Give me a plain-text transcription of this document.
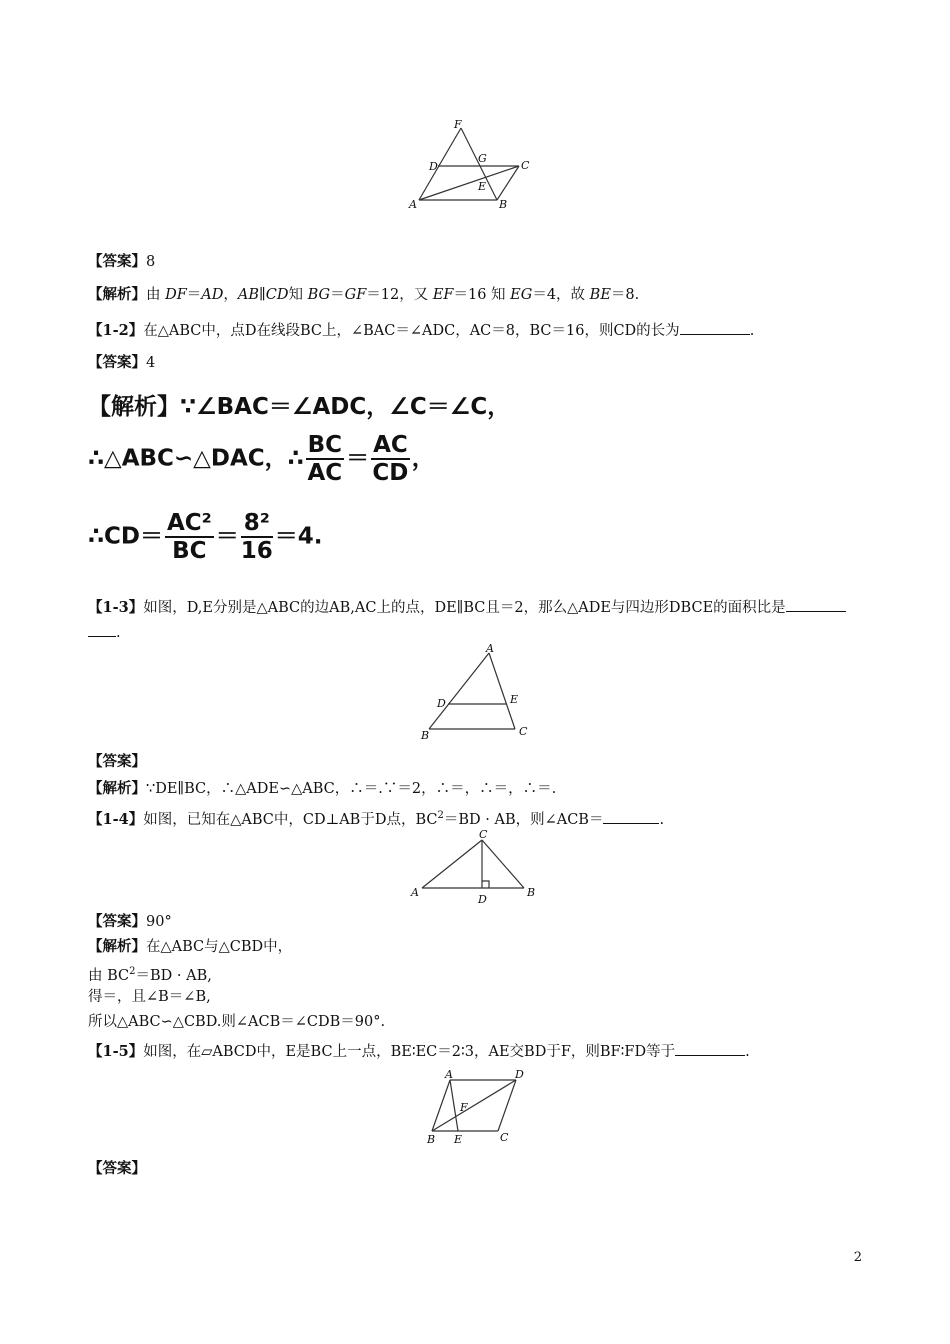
F
D
G
C
E
A	B
【答案】8
【解析】由 DF＝AD，AB∥CD知 BG＝GF＝12，又 EF＝16 知 EG＝4，故 BE＝8.
【1-2】在△ABC中，点D在线段BC上，∠BAC＝∠ADC，AC＝8，BC＝16，则CD的长为	.
【答案】4
【解析】∵∠BAC＝∠ADC，∠C＝∠C，
∴△ABC∽△DAC，∴ $\frac{BC}{AC} = \frac{AC}{CD}$ ，
∴CD＝ $\frac{\text{AC²}}{BC} = \frac{\text{8²}}{16} =4$.
【1-3】如图，D,E分别是△ABC的边AB,AC上的点，DE∥BC且＝2，那么△ADE与四边形DBCE的面积比是
.
A
D	E
B	C
【答案】
【解析】∵DE∥BC，∴△ADE∽△ABC，∴＝.∵＝2，∴＝，∴＝，∴＝.
【1-4】如图，已知在△ABC中，CD⊥AB于D点，$BC^2=BD$ · AB，则∠ACB＝	.
C
A
D
B
【答案】90°
【解析】在△ABC与△CBD中，
由 $BC^2=BD$ · AB,
得＝，且∠B＝∠B,
所以△ABC∽△CBD.则∠ACB＝∠CDB＝90°.
【1-5】如图，在▱ABCD中，E是BC上一点，BE∶EC＝2∶3，AE交BD于F，则BF∶FD等于	.
A	D
F
B E	C
【答案】
2
